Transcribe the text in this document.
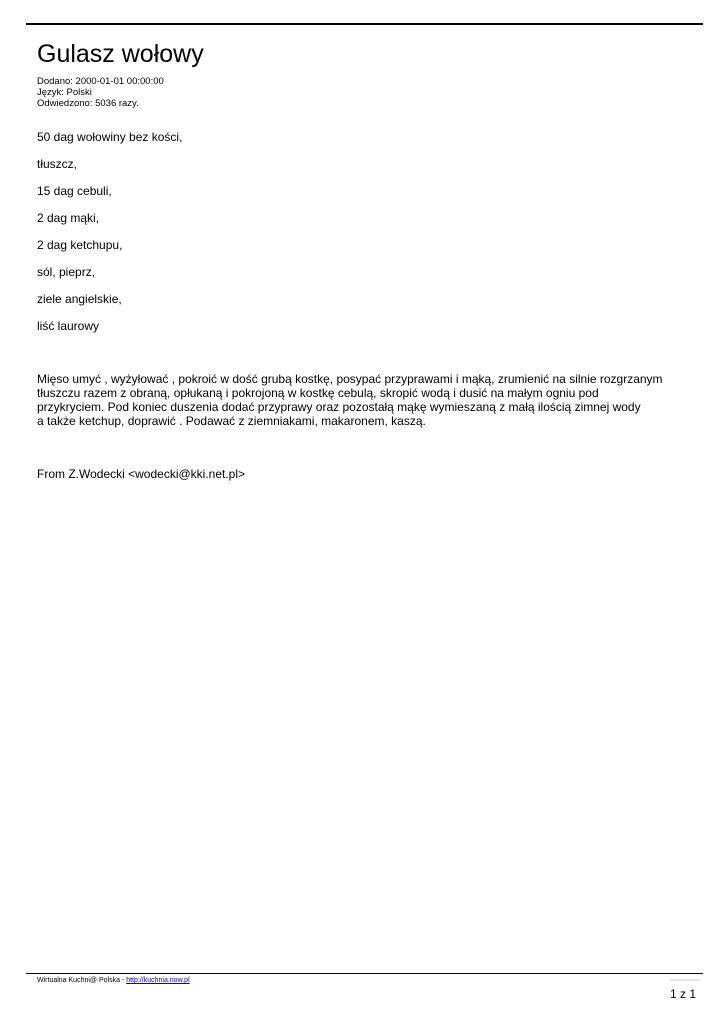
Gulasz wołowy
Dodano: 2000-01-01 00:00:00
Język: Polski
Odwiedzono: 5036 razy.
50 dag wołowiny bez kości,
tłuszcz,
15 dag cebuli,
2 dag mąki,
2 dag ketchupu,
sól, pieprz,
ziele angielskie,
liść laurowy
Mięso umyć , wyżyłować , pokroić w dość grubą kostkę, posypać przyprawami i mąką, zrumienić na silnie rozgrzanym
tłuszczu razem z obraną, opłukaną i pokrojoną w kostkę cebulą, skropić wodą i dusić na małym ogniu pod
przykryciem. Pod koniec duszenia dodać przyprawy oraz pozostałą mąkę wymieszaną z małą ilością zimnej wody
a także ketchup, doprawić . Podawać z ziemniakami, makaronem, kaszą.
From Z.Wodecki <wodecki@kki.net.pl>
Wirtualna Kuchni@ Polska - http://kuchnia.now.pl
1 z 1
